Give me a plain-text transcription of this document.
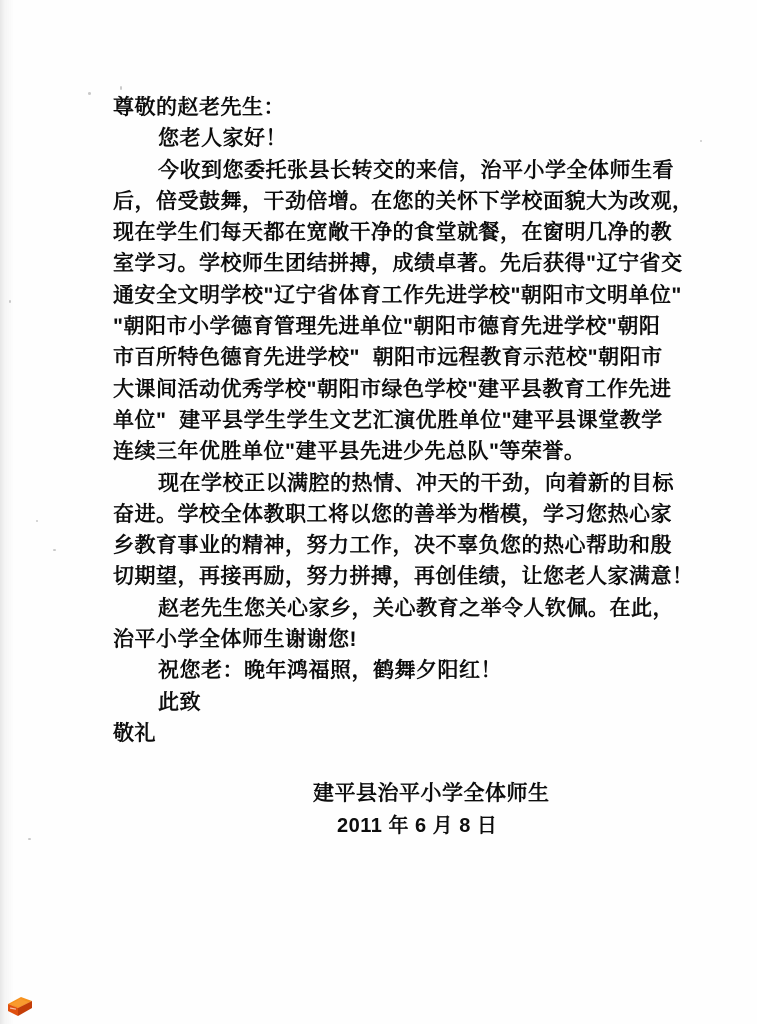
尊敬的赵老先生：
您老人家好！
今收到您委托张县长转交的来信，治平小学全体师生看
后，倍受鼓舞，干劲倍增。在您的关怀下学校面貌大为改观，
现在学生们每天都在宽敞干净的食堂就餐，在窗明几净的教
室学习。学校师生团结拼搏，成绩卓著。先后获得"辽宁省交
通安全文明学校"辽宁省体育工作先进学校"朝阳市文明单位"
"朝阳市小学德育管理先进单位"朝阳市德育先进学校"朝阳
市百所特色德育先进学校"  朝阳市远程教育示范校"朝阳市
大课间活动优秀学校"朝阳市绿色学校"建平县教育工作先进
单位"  建平县学生学生文艺汇演优胜单位"建平县课堂教学
连续三年优胜单位"建平县先进少先总队"等荣誉。
现在学校正以满腔的热情、冲天的干劲，向着新的目标
奋进。学校全体教职工将以您的善举为楷模，学习您热心家
乡教育事业的精神，努力工作，决不辜负您的热心帮助和殷
切期望，再接再励，努力拼搏，再创佳绩，让您老人家满意！
赵老先生您关心家乡，关心教育之举令人钦佩。在此，
治平小学全体师生谢谢您!
祝您老：晚年鸿福照，鹤舞夕阳红！
此致
敬礼
建平县治平小学全体师生
2011 年 6 月 8 日
